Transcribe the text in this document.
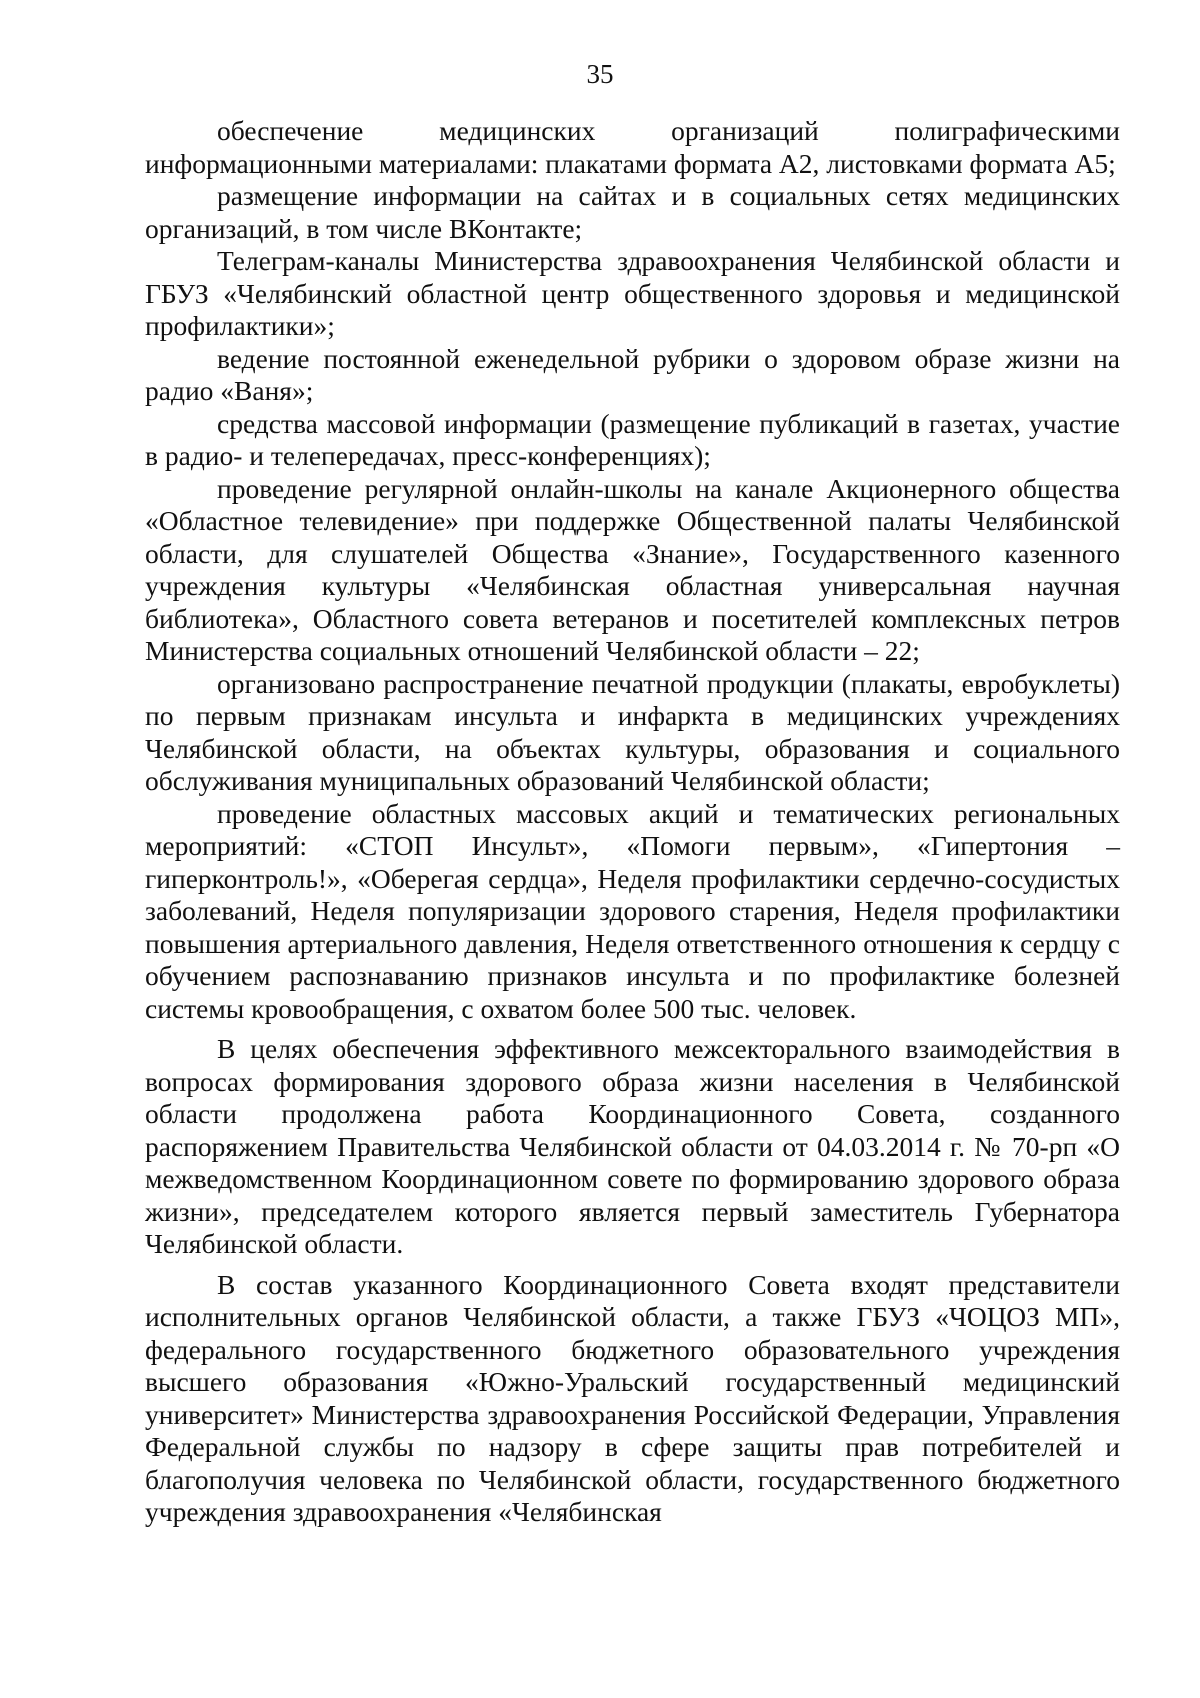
35

обеспечение медицинских организаций полиграфическими информационными материалами: плакатами формата А2, листовками формата А5;

размещение информации на сайтах и в социальных сетях медицинских организаций, в том числе ВКонтакте;

Телеграм-каналы Министерства здравоохранения Челябинской области и ГБУЗ «Челябинский областной центр общественного здоровья и медицинской профилактики»;

ведение постоянной еженедельной рубрики о здоровом образе жизни на радио «Ваня»;

средства массовой информации (размещение публикаций в газетах, участие в радио- и телепередачах, пресс-конференциях);

проведение регулярной онлайн-школы на канале Акционерного общества «Областное телевидение» при поддержке Общественной палаты Челябинской области, для слушателей Общества «Знание», Государственного казенного учреждения культуры «Челябинская областная универсальная научная библиотека», Областного совета ветеранов и посетителей комплексных петров Министерства социальных отношений Челябинской области – 22;

организовано распространение печатной продукции (плакаты, евробуклеты) по первым признакам инсульта и инфаркта в медицинских учреждениях Челябинской области, на объектах культуры, образования и социального обслуживания муниципальных образований Челябинской области;

проведение областных массовых акций и тематических региональных мероприятий: «СТОП Инсульт», «Помоги первым», «Гипертония – гиперконтроль!», «Оберегая сердца», Неделя профилактики сердечно-сосудистых заболеваний, Неделя популяризации здорового старения, Неделя профилактики повышения артериального давления, Неделя ответственного отношения к сердцу с обучением распознаванию признаков инсульта и по профилактике болезней системы кровообращения, с охватом более 500 тыс. человек.

В целях обеспечения эффективного межсекторального взаимодействия в вопросах формирования здорового образа жизни населения в Челябинской области продолжена работа Координационного Совета, созданного распоряжением Правительства Челябинской области от 04.03.2014 г. № 70-рп «О межведомственном Координационном совете по формированию здорового образа жизни», председателем которого является первый заместитель Губернатора Челябинской области.

В состав указанного Координационного Совета входят представители исполнительных органов Челябинской области, а также ГБУЗ «ЧОЦОЗ МП», федерального государственного бюджетного образовательного учреждения высшего образования «Южно-Уральский государственный медицинский университет» Министерства здравоохранения Российской Федерации, Управления Федеральной службы по надзору в сфере защиты прав потребителей и благополучия человека по Челябинской области, государственного бюджетного учреждения здравоохранения «Челябинская
